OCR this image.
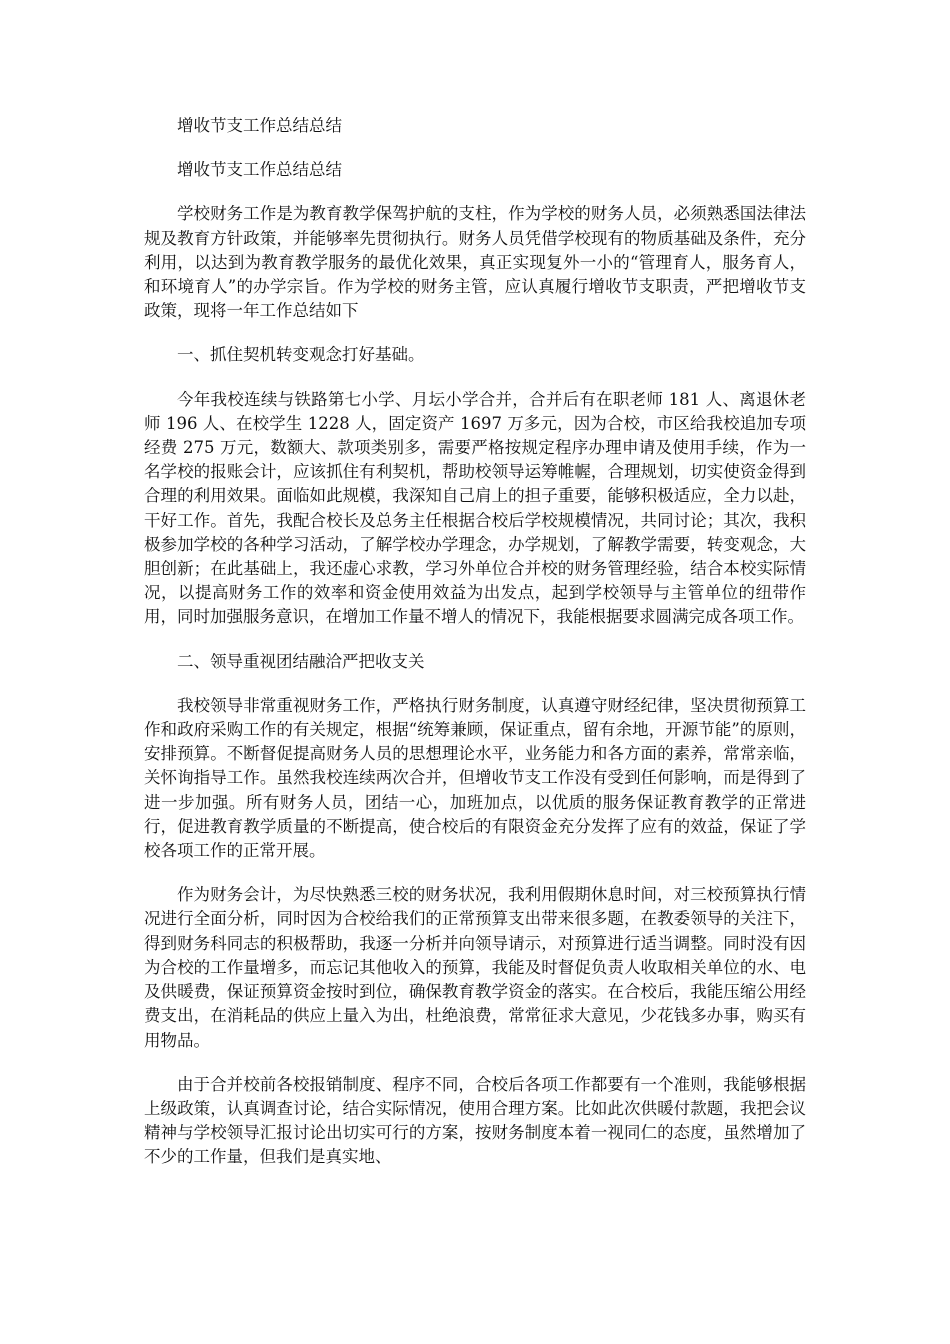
增收节支工作总结总结

增收节支工作总结总结

学校财务工作是为教育教学保驾护航的支柱，作为学校的财务人员，必须熟悉国法律法规及教育方针政策，并能够率先贯彻执行。财务人员凭借学校现有的物质基础及条件，充分利用，以达到为教育教学服务的最优化效果，真正实现复外一小的“管理育人，服务育人，和环境育人”的办学宗旨。作为学校的财务主管，应认真履行增收节支职责，严把增收节支政策，现将一年工作总结如下

一、抓住契机转变观念打好基础。

今年我校连续与铁路第七小学、月坛小学合并，合并后有在职老师 181 人、离退休老师 196 人、在校学生 1228 人，固定资产 1697 万多元，因为合校，市区给我校追加专项经费 275 万元，数额大、款项类别多，需要严格按规定程序办理申请及使用手续，作为一名学校的报账会计，应该抓住有利契机，帮助校领导运筹帷幄，合理规划，切实使资金得到合理的利用效果。面临如此规模，我深知自己肩上的担子重要，能够积极适应，全力以赴，干好工作。首先，我配合校长及总务主任根据合校后学校规模情况，共同讨论；其次，我积极参加学校的各种学习活动，了解学校办学理念，办学规划，了解教学需要，转变观念，大胆创新；在此基础上，我还虚心求教，学习外单位合并校的财务管理经验，结合本校实际情况，以提高财务工作的效率和资金使用效益为出发点，起到学校领导与主管单位的纽带作用，同时加强服务意识，在增加工作量不增人的情况下，我能根据要求圆满完成各项工作。

二、领导重视团结融洽严把收支关

我校领导非常重视财务工作，严格执行财务制度，认真遵守财经纪律，坚决贯彻预算工作和政府采购工作的有关规定，根据“统筹兼顾，保证重点，留有余地，开源节能”的原则，安排预算。不断督促提高财务人员的思想理论水平，业务能力和各方面的素养，常常亲临，关怀询指导工作。虽然我校连续两次合并，但增收节支工作没有受到任何影响，而是得到了进一步加强。所有财务人员，团结一心，加班加点，以优质的服务保证教育教学的正常进行，促进教育教学质量的不断提高，使合校后的有限资金充分发挥了应有的效益，保证了学校各项工作的正常开展。

作为财务会计，为尽快熟悉三校的财务状况，我利用假期休息时间，对三校预算执行情况进行全面分析，同时因为合校给我们的正常预算支出带来很多题，在教委领导的关注下，得到财务科同志的积极帮助，我逐一分析并向领导请示，对预算进行适当调整。同时没有因为合校的工作量增多，而忘记其他收入的预算，我能及时督促负责人收取相关单位的水、电及供暖费，保证预算资金按时到位，确保教育教学资金的落实。在合校后，我能压缩公用经费支出，在消耗品的供应上量入为出，杜绝浪费，常常征求大意见，少花钱多办事，购买有用物品。

由于合并校前各校报销制度、程序不同，合校后各项工作都要有一个准则，我能够根据上级政策，认真调查讨论，结合实际情况，使用合理方案。比如此次供暖付款题，我把会议精神与学校领导汇报讨论出切实可行的方案，按财务制度本着一视同仁的态度，虽然增加了不少的工作量，但我们是真实地、
